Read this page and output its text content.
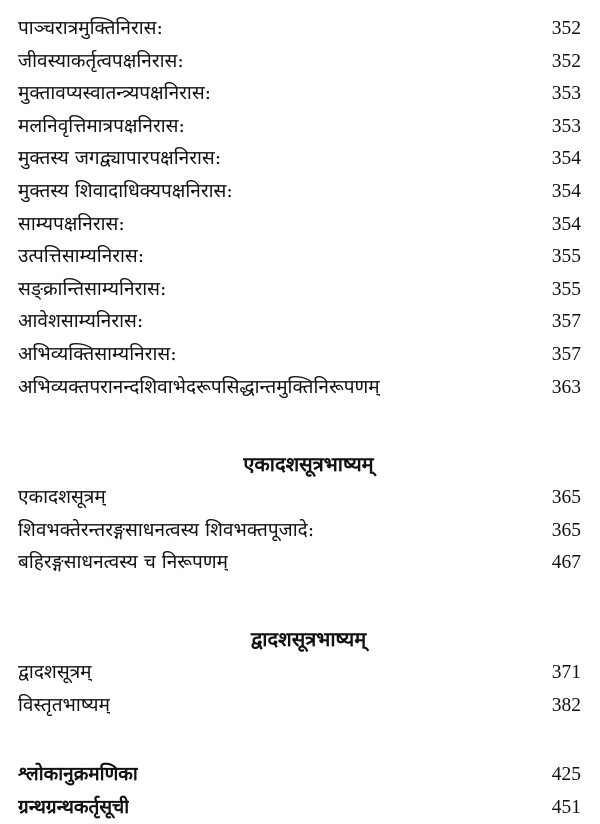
पाञ्चरात्रमुक्तिनिरास:	352
जीवस्याकर्तृत्वपक्षनिरास:	352
मुक्तावप्यस्वातन्त्र्यपक्षनिरास:	353
मलनिवृत्तिमात्रपक्षनिरास:	353
मुक्तस्य जगद्व्यापारपक्षनिरास:	354
मुक्तस्य शिवादाधिक्यपक्षनिरास:	354
साम्यपक्षनिरास:	354
उत्पत्तिसाम्यनिरास:	355
सङ्क्रान्तिसाम्यनिरास:	355
आवेशसाम्यनिरास:	357
अभिव्यक्तिसाम्यनिरास:	357
अभिव्यक्तपरानन्दशिवाभेदरूपसिद्धान्तमुक्तिनिरूपणम्	363
एकादशसूत्रभाष्यम्
एकादशसूत्रम्	365
शिवभक्तेरन्तरङ्गसाधनत्वस्य शिवभक्तपूजादे:	365
बहिरङ्गसाधनत्वस्य च निरूपणम्	467
द्वादशसूत्रभाष्यम्
द्वादशसूत्रम्	371
विस्तृतभाष्यम्	382
श्लोकानुक्रमणिका	425
ग्रन्थग्रन्थकर्तृसूची	451
